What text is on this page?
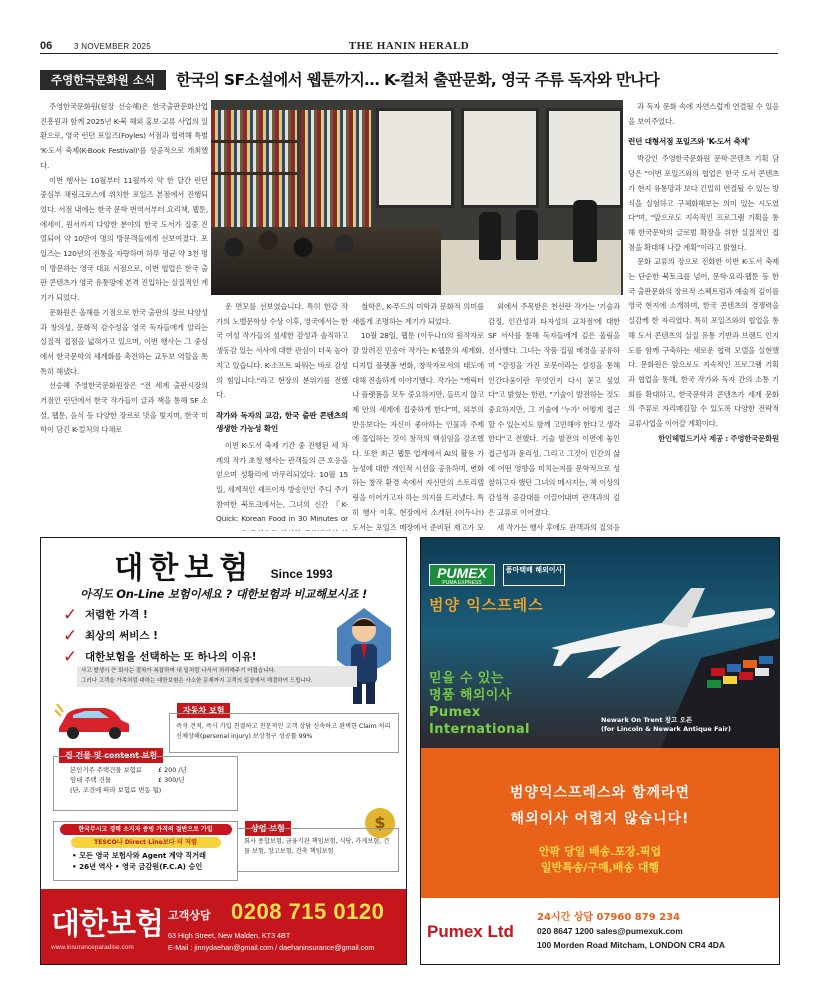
06	3 NOVEMBER 2025	THE HANIN HERALD
주영한국문화원 소식	한국의 SF소설에서 웹툰까지… K-컬처 출판문화, 영국 주류 독자와 만나다

주영한국문화원(원장 선승혜)은 한국출판문화산업진흥원과 함께 2025년 K-북 해외 홍보·교류 사업의 일환으로, 영국 런던 포일즈(Foyles) 서점과 협력해 특별 'K-도서 축제(K-Book Festival)'를 성공적으로 개최했다.

이번 행사는 10월부터 11월까지 약 한 달간 런던 중심부 채링크로스에 위치한 포일즈 본점에서 진행되었다. 서점 내에는 한국 문학 번역서부터 요리책, 웹툰, 에세이, 원서까지 다양한 분야의 한국 도서가 집중 진열되어 약 10만여 명의 방문객들에게 선보여졌다. 포일즈는 120년의 전통을 자랑하며 하루 평균 약 3천 명이 방문하는 영국 대표 서점으로, 이번 협업은 한국 출판 콘텐츠가 영국 유통망에 본격 진입하는 실질적인 계기가 되었다.

문화원은 올해를 기점으로 한국 출판의 장르 다양성과 창의성, 문화적 감수성을 영국 독자들에게 알리는 실질적 접점을 넓혀가고 있으며, 이번 행사는 그 중심에서 한국문학의 세계화를 촉진하는 교두보 역할을 톡톡히 해냈다.

선승혜 주영한국문화원장은 "전 세계 출판시장의 거점인 런던에서 한국 작가들이 글과 책을 통해 SF 소설, 웹툰, 음식 등 다양한 장르로 맛을 빛지며, 한국 미학이 담긴 K-컬처의 다채로

운 면모를 선보였습니다. 특히 한강 작가의 노벨문학상 수상 이후, 영국에서는 한국 여성 작가들의 섬세한 감성과 솔직하고 생동감 있는 서사에 대한 관심이 더욱 높아지고 있습니다. K-소프트 파워는 바로 감성의 힘입니다."라고 현장의 분위기를 전했다.

작가와 독자의 교감, 한국 출판 콘텐츠의 생생한 가능성 확인

이번 K-도서 축제 기간 중 진행된 세 차례의 작가 초청 행사는 관객들의 큰 호응을 얻으며 성황리에 마무리되었다. 10월 15일, 세계적인 셰프이자 방송인인 주디 주가 참여한 북토크에서는, 그녀의 신간 『K-Quick: Korean Food in 30 Minutes or

철학은, K-푸드의 미학과 문화적 의미를 새롭게 조명하는 계기가 되었다.

10월 28일, 웹툰 (이두나!)의 원작자로 잘 알려진 민송아 작가는 K-웹툰의 세계화, 디지털 플랫폼 변화, 창작자로서의 태도에 대해 진솔하게 이야기했다. 작가는 "캐릭터나 플랫폼을 모두 중요하지만, 들뜨지 않고 제 안의 세계에 집중하게 한다"며, 외부의 반응보다는 자신이 좋아하는 인물과 주제에 몰입하는 것이 창작의 핵심임을 강조했다. 또한 최근 웹툰 업계에서 AI의 활용 가능성에 대한 개인적 시선을 공유하며, 변화하는 창작 환경 속에서 자신만의 스토리텔링을 이어가고자 하는 의지를 드러냈다. 특히 행사 이후, 현장에서 소개된 (이두나!) 도서는 포일즈 매장에서 준비된 재고가 모

외에서 주목받은 천선란 작가는 '기술과 감정, 인간성과 타자성의 교차점'에 대한 SF 서사를 통해 독자들에게 깊은 울림을 선사했다. 그녀는 작품 집필 배경을 공유하며 "감정을 가진 로봇이라는 설정을 통해 인간다움이란 무엇인지 다시 묻고 싶었다"고 밝혔는 한편, "기술이 발전하는 것도 중요하지만, 그 기술에 '누가' 어떻게 접근할 수 있는지도 함께 고민해야 한다고 생각한다"고 전했다. 기술 발전의 이면에 놓인 접근성과 윤리성, 그리고 그것이 인간의 삶에 어떤 영향을 미치는지를 문학적으로 성찰하고자 했던 그녀의 메시지는, 책 이상의 감성적 공감대를 이끌어내며 관객과의 깊은 교류로 이어졌다.

세 작가는 행사 후에도 관객과의 질의응

과 독자 문화 속에 자연스럽게 연결될 수 있음을 보여주었다.

런던 대형서점 포일즈와 'K-도서 축제'

박강인 주영한국문화원 문학·콘텐츠 기획 담당은 "이번 포일즈와의 협업은 한국 도서 콘텐츠가 현지 유통망과 보다 긴밀히 연결될 수 있는 방식을 실험하고 구체화해보는 의미 있는 시도였다"며, "앞으로도 지속적인 프로그램 기획을 통해 한국문학의 글로벌 확장을 위한 실질적인 접점을 확대해 나갈 계획"이라고 밝혔다.

문화 교류의 장으로 진화한 이번 K-도서 축제는 단순한 북토크를 넘어, 문학·요리·웹툰 등 한국 출판문화의 장르적 스펙트럼과 예술적 깊이를 영국 현지에 소개하며, 한국 콘텐츠의 경쟁력을 실감케 한 자리였다. 특히 포일즈와의 협업을 통해 도서 콘텐츠의 실질 유통 기반과 브랜드 인지도를 함께 구축하는 새로운 협력 모델을 실현했다. 문화원은 앞으로도 지속적인 프로그램 기획과 협업을 통해, 한국 작가와 독자 간의 소통 기회를 확대하고, 한국문학과 콘텐츠가 세계 문화의 주류로 자리매김할 수 있도록 다양한 전략적 교류사업을 이어갈 계획이다.

한인헤럴드기사 제공 : 주영한국문화원
대한보험 Since 1993
아직도 On-Line 보험이세요 ? 대한보험과 비교해보시죠 !
✓ 저렴한 가격 !
✓ 최상의 써비스 !
✓ 대한보험을 선택하는 또 하나의 이유!
사고 발생시 큰 회사는 절차가 복잡하며 내 일처럼 나서서 처리해주기 어렵습니다.
그러나 고객을 가족처럼 대하는 대한보험은 사소한 문제까지 고객의 입장에서 해결하여 드립니다.
자동차 보험
즉석 견적, 즉시 가입 친절하고 전문적인 고객 상담 신속하고 완벽한 Claim 처리 신체상해(personal injury) 보상청구 성공률 99%
집 건물 및 content 보험
본인거주 주택건물 보험료	£ 200 /년
임대 주택 건물	£ 300/년
(단, 조건에 따라 보험료 변동 됨)
한국무시고 경력 소지자 증빙 가격의 절반으로 가입
TESCO나 Direct Line보다 더 저렴
• 모든 영국 보험사와 Agent 계약 직거래
• 26년 역사 • 영국 금감원(F.C.A) 승인
$
상업 보험
회사 종합보험, 금융기관 책임보험, 식당, 가게보험, 건물 보험, 장고보험, 건축 책임보험
대한보험
www.insuranceparadise.com
고객상담 0208 715 0120
63 High Street, New Malden, KT3 4BT
E-Mail : jinnydaehan@gmail.com / daehaninsurance@gmail.com
PUMEX
PUMA EXPRESS
품마택배 해외이사
범양 익스프레스
믿을 수 있는
명품 해외이사
Pumex
International
Newark On Trent 창고 오픈
(for Lincoln & Newark Antique Fair)
범양익스프레스와 함께라면
해외이사 어렵지 않습니다!
안팎 당일 배송.포장.픽업
일반특송/구매,배송 대행
Pumex Ltd
24시간 상담 07960 879 234
020 8647 1200 sales@pumexuk.com
100 Morden Road Mitcham, LONDON CR4 4DA
